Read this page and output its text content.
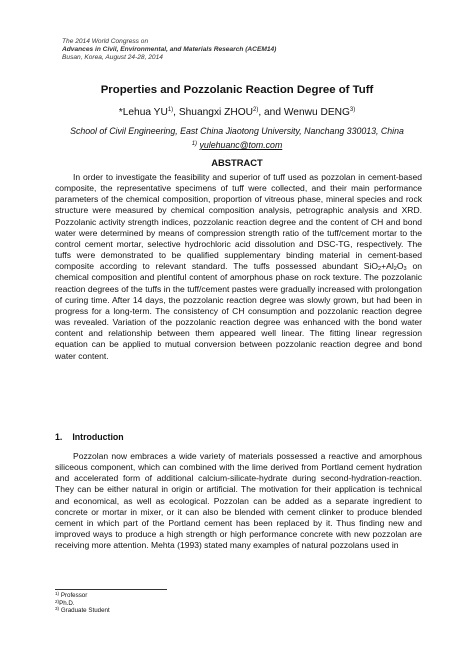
The 2014 World Congress on
Advances in Civil, Environmental, and Materials Research (ACEM14)
Busan, Korea, August 24-28, 2014
Properties and Pozzolanic Reaction Degree of Tuff
*Lehua YU$^{1)}$, Shuangxi ZHOU$^{2)}$, and Wenwu DENG$^{3)}$
School of Civil Engineering, East China Jiaotong University, Nanchang 330013, China
$^{1)}$ yulehuanc@tom.com
ABSTRACT

In order to investigate the feasibility and superior of tuff used as pozzolan in cement-based composite, the representative specimens of tuff were collected, and their main performance parameters of the chemical composition, proportion of vitreous phase, mineral species and rock structure were measured by chemical composition analysis, petrographic analysis and XRD. Pozzolanic activity strength indices, pozzolanic reaction degree and the content of CH and bond water were determined by means of compression strength ratio of the tuff/cement mortar to the control cement mortar, selective hydrochloric acid dissolution and DSC-TG, respectively. The tuffs were demonstrated to be qualified supplementary binding material in cement-based composite according to relevant standard. The tuffs possessed abundant $SiO_2+Al_2O_3$ on chemical composition and plentiful content of amorphous phase on rock texture. The pozzolanic reaction degrees of the tuffs in the tuff/cement pastes were gradually increased with prolongation of curing time. After 14 days, the pozzolanic reaction degree was slowly grown, but had been in progress for a long-term. The consistency of CH consumption and pozzolanic reaction degree was revealed. Variation of the pozzolanic reaction degree was enhanced with the bond water content and relationship between them appeared well linear. The fitting linear regression equation can be applied to mutual conversion between pozzolanic reaction degree and bond water content.

1. Introduction

Pozzolan now embraces a wide variety of materials possessed a reactive and amorphous siliceous component, which can combined with the lime derived from Portland cement hydration and accelerated form of additional calcium-silicate-hydrate during second-hydration-reaction. They can be either natural in origin or artificial. The motivation for their application is technical and economical, as well as ecological. Pozzolan can be added as a separate ingredient to concrete or mortar in mixer, or it can also be blended with cement clinker to produce blended cement in which part of the Portland cement has been replaced by it. Thus finding new and improved ways to produce a high strength or high performance concrete with new pozzolan are receiving more attention. Mehta (1993) stated many examples of natural pozzolans used in

$^{1)}$ Professor
$^{2)}$Ph.D.
$^{3)}$ Graduate Student
